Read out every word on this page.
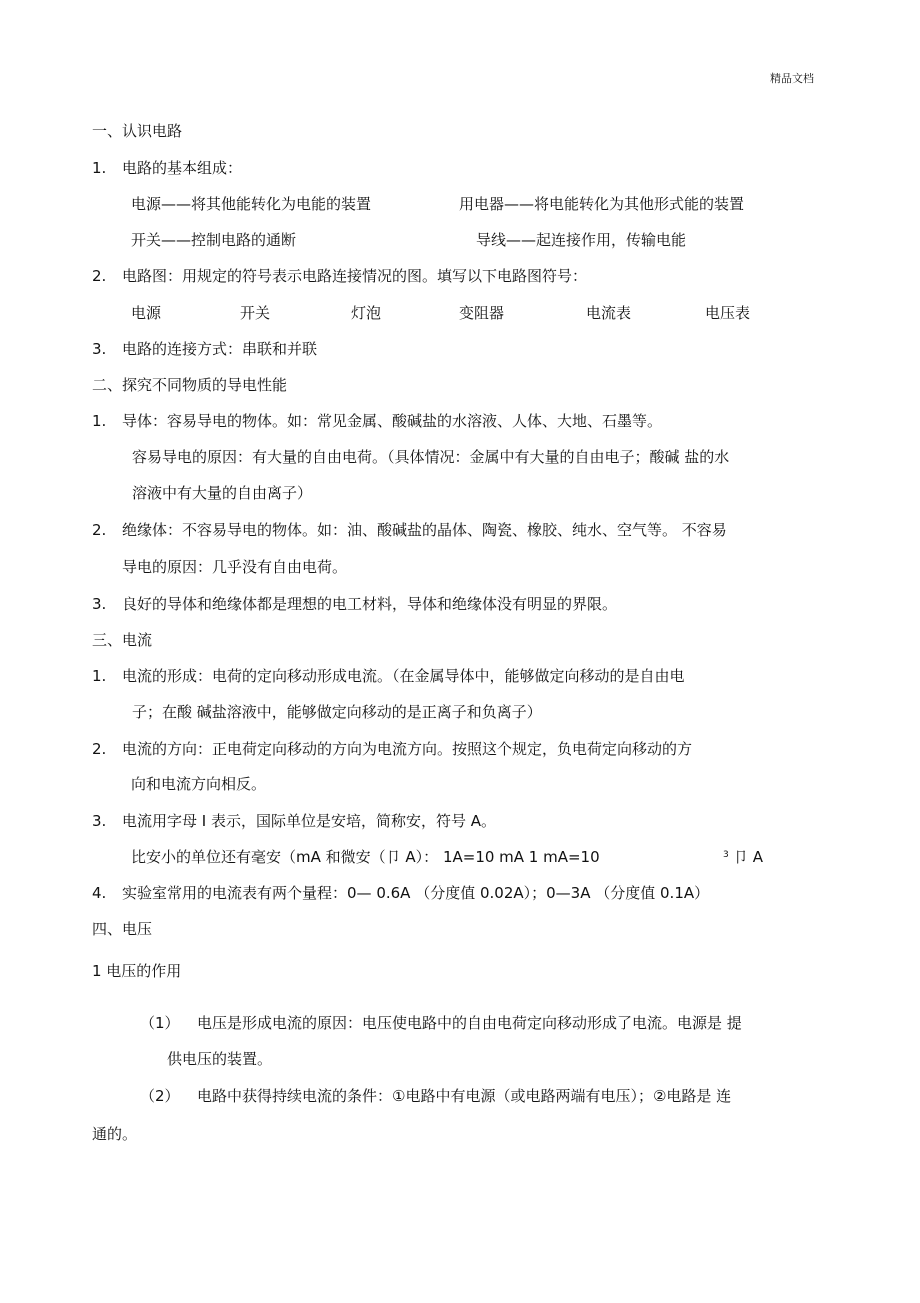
精品文档
一、认识电路
1. 电路的基本组成：
电源——将其他能转化为电能的装置	用电器——将电能转化为其他形式能的装置
开关——控制电路的通断	导线——起连接作用，传输电能
2. 电路图：用规定的符号表示电路连接情况的图。填写以下电路图符号：
电源	开关	灯泡	变阻器	电流表	电压表
3. 电路的连接方式：串联和并联
二、探究不同物质的导电性能
1. 导体：容易导电的物体。如：常见金属、酸碱盐的水溶液、人体、大地、石墨等。
容易导电的原因：有大量的自由电荷。（具体情况：金属中有大量的自由电子；酸碱 盐的水
溶液中有大量的自由离子）
2. 绝缘体：不容易导电的物体。如：油、酸碱盐的晶体、陶瓷、橡胶、纯水、空气等。 不容易
导电的原因：几乎没有自由电荷。
3. 良好的导体和绝缘体都是理想的电工材料，导体和绝缘体没有明显的界限。
三、电流
1. 电流的形成：电荷的定向移动形成电流。（在金属导体中，能够做定向移动的是自由电
子；在酸 碱盐溶液中，能够做定向移动的是正离子和负离子）
2. 电流的方向：正电荷定向移动的方向为电流方向。按照这个规定，负电荷定向移动的方
向和电流方向相反。
3. 电流用字母 I 表示，国际单位是安培，简称安，符号 A。
比安小的单位还有毫安（mA 和微安（卩 A）： 1A=10 mA 1 mA=10	3 卩 A
4. 实验室常用的电流表有两个量程：0— 0.6A （分度值 0.02A）；0—3A （分度值 0.1A）
四、电压
1 电压的作用
（1） 电压是形成电流的原因：电压使电路中的自由电荷定向移动形成了电流。电源是 提
供电压的装置。
（2） 电路中获得持续电流的条件：①电路中有电源（或电路两端有电压）；②电路是 连
通的。
